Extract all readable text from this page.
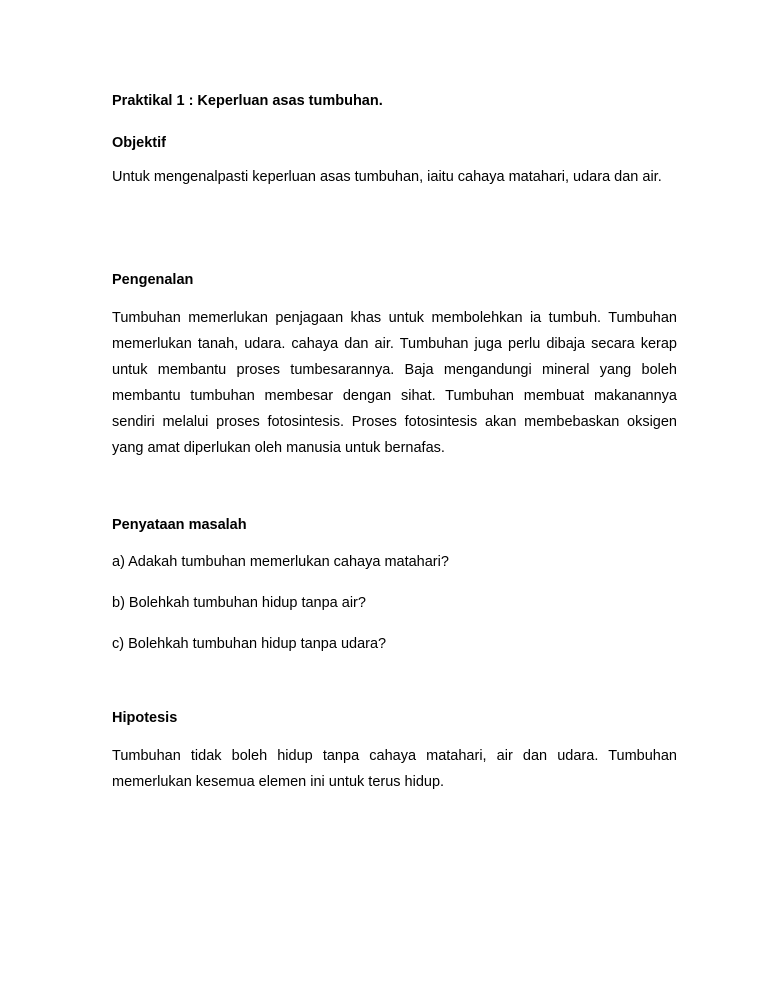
Praktikal 1 : Keperluan asas tumbuhan.
Objektif
Untuk mengenalpasti keperluan asas tumbuhan, iaitu cahaya matahari, udara dan air.
Pengenalan
Tumbuhan memerlukan penjagaan khas untuk membolehkan ia tumbuh. Tumbuhan memerlukan tanah, udara. cahaya dan air. Tumbuhan juga perlu dibaja secara kerap untuk membantu proses tumbesarannya. Baja mengandungi mineral yang boleh membantu tumbuhan membesar dengan sihat. Tumbuhan membuat makanannya sendiri melalui proses fotosintesis. Proses fotosintesis akan membebaskan oksigen yang amat diperlukan oleh manusia untuk bernafas.
Penyataan masalah
a) Adakah tumbuhan memerlukan cahaya matahari?
b) Bolehkah tumbuhan hidup tanpa air?
c) Bolehkah tumbuhan hidup tanpa udara?
Hipotesis
Tumbuhan tidak boleh hidup tanpa cahaya matahari, air dan udara. Tumbuhan memerlukan kesemua elemen ini untuk terus hidup.
